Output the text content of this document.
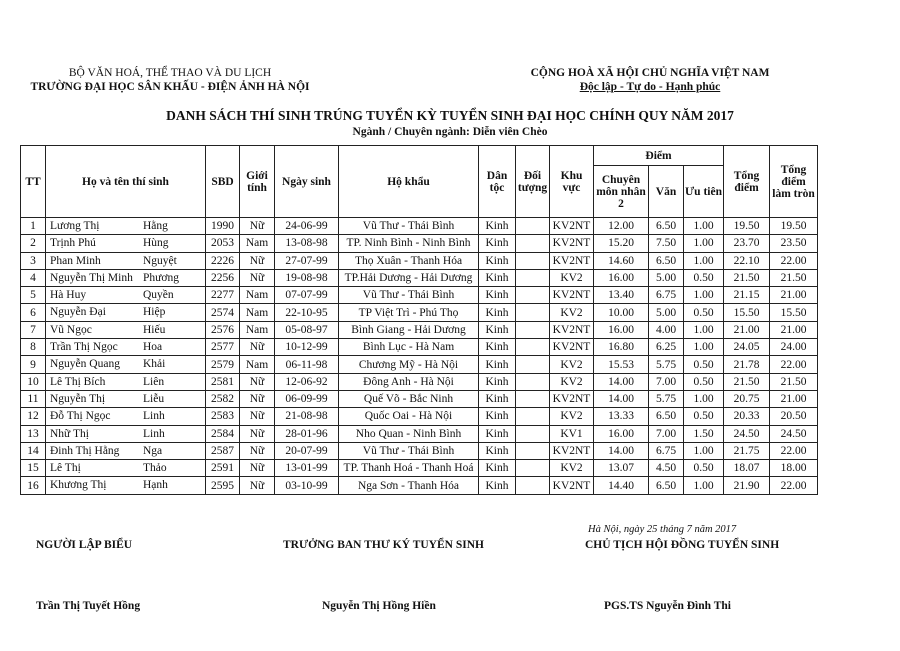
BỘ VĂN HOÁ, THỂ THAO VÀ DU LỊCH
TRƯỜNG ĐẠI HỌC SÂN KHẤU - ĐIỆN ẢNH HÀ NỘI
CỘNG HOÀ XÃ HỘI CHỦ NGHĨA VIỆT NAM
Độc lập - Tự do - Hạnh phúc
DANH SÁCH THÍ SINH TRÚNG TUYỂN KỲ TUYỂN SINH ĐẠI HỌC CHÍNH QUY NĂM 2017
Ngành / Chuyên ngành: Diễn viên Chèo
TT	Họ và tên thí sinh	SBD	Giới tính	Ngày sinh	Hộ khẩu	Dân tộc	Đối tượng	Khu vực	Điểm			Tổng điểm	Tổng điểm làm tròn
									Chuyên môn nhân 2	Văn	Ưu tiên		
1	Lương Thị Hằng	1990	Nữ	24-06-99	Vũ Thư - Thái Bình	Kinh		KV2NT	12.00	6.50	1.00	19.50	19.50
2	Trịnh Phú Hùng	2053	Nam	13-08-98	TP. Ninh Bình - Ninh Bình	Kinh		KV2NT	15.20	7.50	1.00	23.70	23.50
3	Phan Minh Nguyệt	2226	Nữ	27-07-99	Thọ Xuân - Thanh Hóa	Kinh		KV2NT	14.60	6.50	1.00	22.10	22.00
4	Nguyễn Thị Minh Phương	2256	Nữ	19-08-98	TP.Hải Dương - Hải Dương	Kinh		KV2	16.00	5.00	0.50	21.50	21.50
5	Hà Huy Quyền	2277	Nam	07-07-99	Vũ Thư - Thái Bình	Kinh		KV2NT	13.40	6.75	1.00	21.15	21.00
6	Nguyễn Đại Hiệp	2574	Nam	22-10-95	TP Việt Trì - Phú Thọ	Kinh		KV2	10.00	5.00	0.50	15.50	15.50
7	Vũ Ngọc Hiếu	2576	Nam	05-08-97	Bình Giang - Hải Dương	Kinh		KV2NT	16.00	4.00	1.00	21.00	21.00
8	Trần Thị Ngọc Hoa	2577	Nữ	10-12-99	Bình Lục - Hà Nam	Kinh		KV2NT	16.80	6.25	1.00	24.05	24.00
9	Nguyễn Quang Khải	2579	Nam	06-11-98	Chương Mỹ - Hà Nội	Kinh		KV2	15.53	5.75	0.50	21.78	22.00
10	Lê Thị Bích Liên	2581	Nữ	12-06-92	Đông Anh - Hà Nội	Kinh		KV2	14.00	7.00	0.50	21.50	21.50
11	Nguyễn Thị Liễu	2582	Nữ	06-09-99	Quế Võ - Bắc Ninh	Kinh		KV2NT	14.00	5.75	1.00	20.75	21.00
12	Đỗ Thị Ngọc Linh	2583	Nữ	21-08-98	Quốc Oai - Hà Nội	Kinh		KV2	13.33	6.50	0.50	20.33	20.50
13	Nhữ Thị Linh	2584	Nữ	28-01-96	Nho Quan - Ninh Bình	Kinh		KV1	16.00	7.00	1.50	24.50	24.50
14	Đinh Thị Hằng Nga	2587	Nữ	20-07-99	Vũ Thư - Thái Bình	Kinh		KV2NT	14.00	6.75	1.00	21.75	22.00
15	Lê Thị Thảo	2591	Nữ	13-01-99	TP. Thanh Hoá - Thanh Hoá	Kinh		KV2	13.07	4.50	0.50	18.07	18.00
16	Khương Thị Hạnh	2595	Nữ	03-10-99	Nga Sơn - Thanh Hóa	Kinh		KV2NT	14.40	6.50	1.00	21.90	22.00
Hà Nội, ngày 25 tháng 7 năm 2017
NGƯỜI LẬP BIỂU	TRƯỞNG BAN THƯ KÝ TUYỂN SINH	CHỦ TỊCH HỘI ĐỒNG TUYỂN SINH
Trần Thị Tuyết Hồng	Nguyễn Thị Hồng Hiền	PGS.TS Nguyễn Đình Thi
